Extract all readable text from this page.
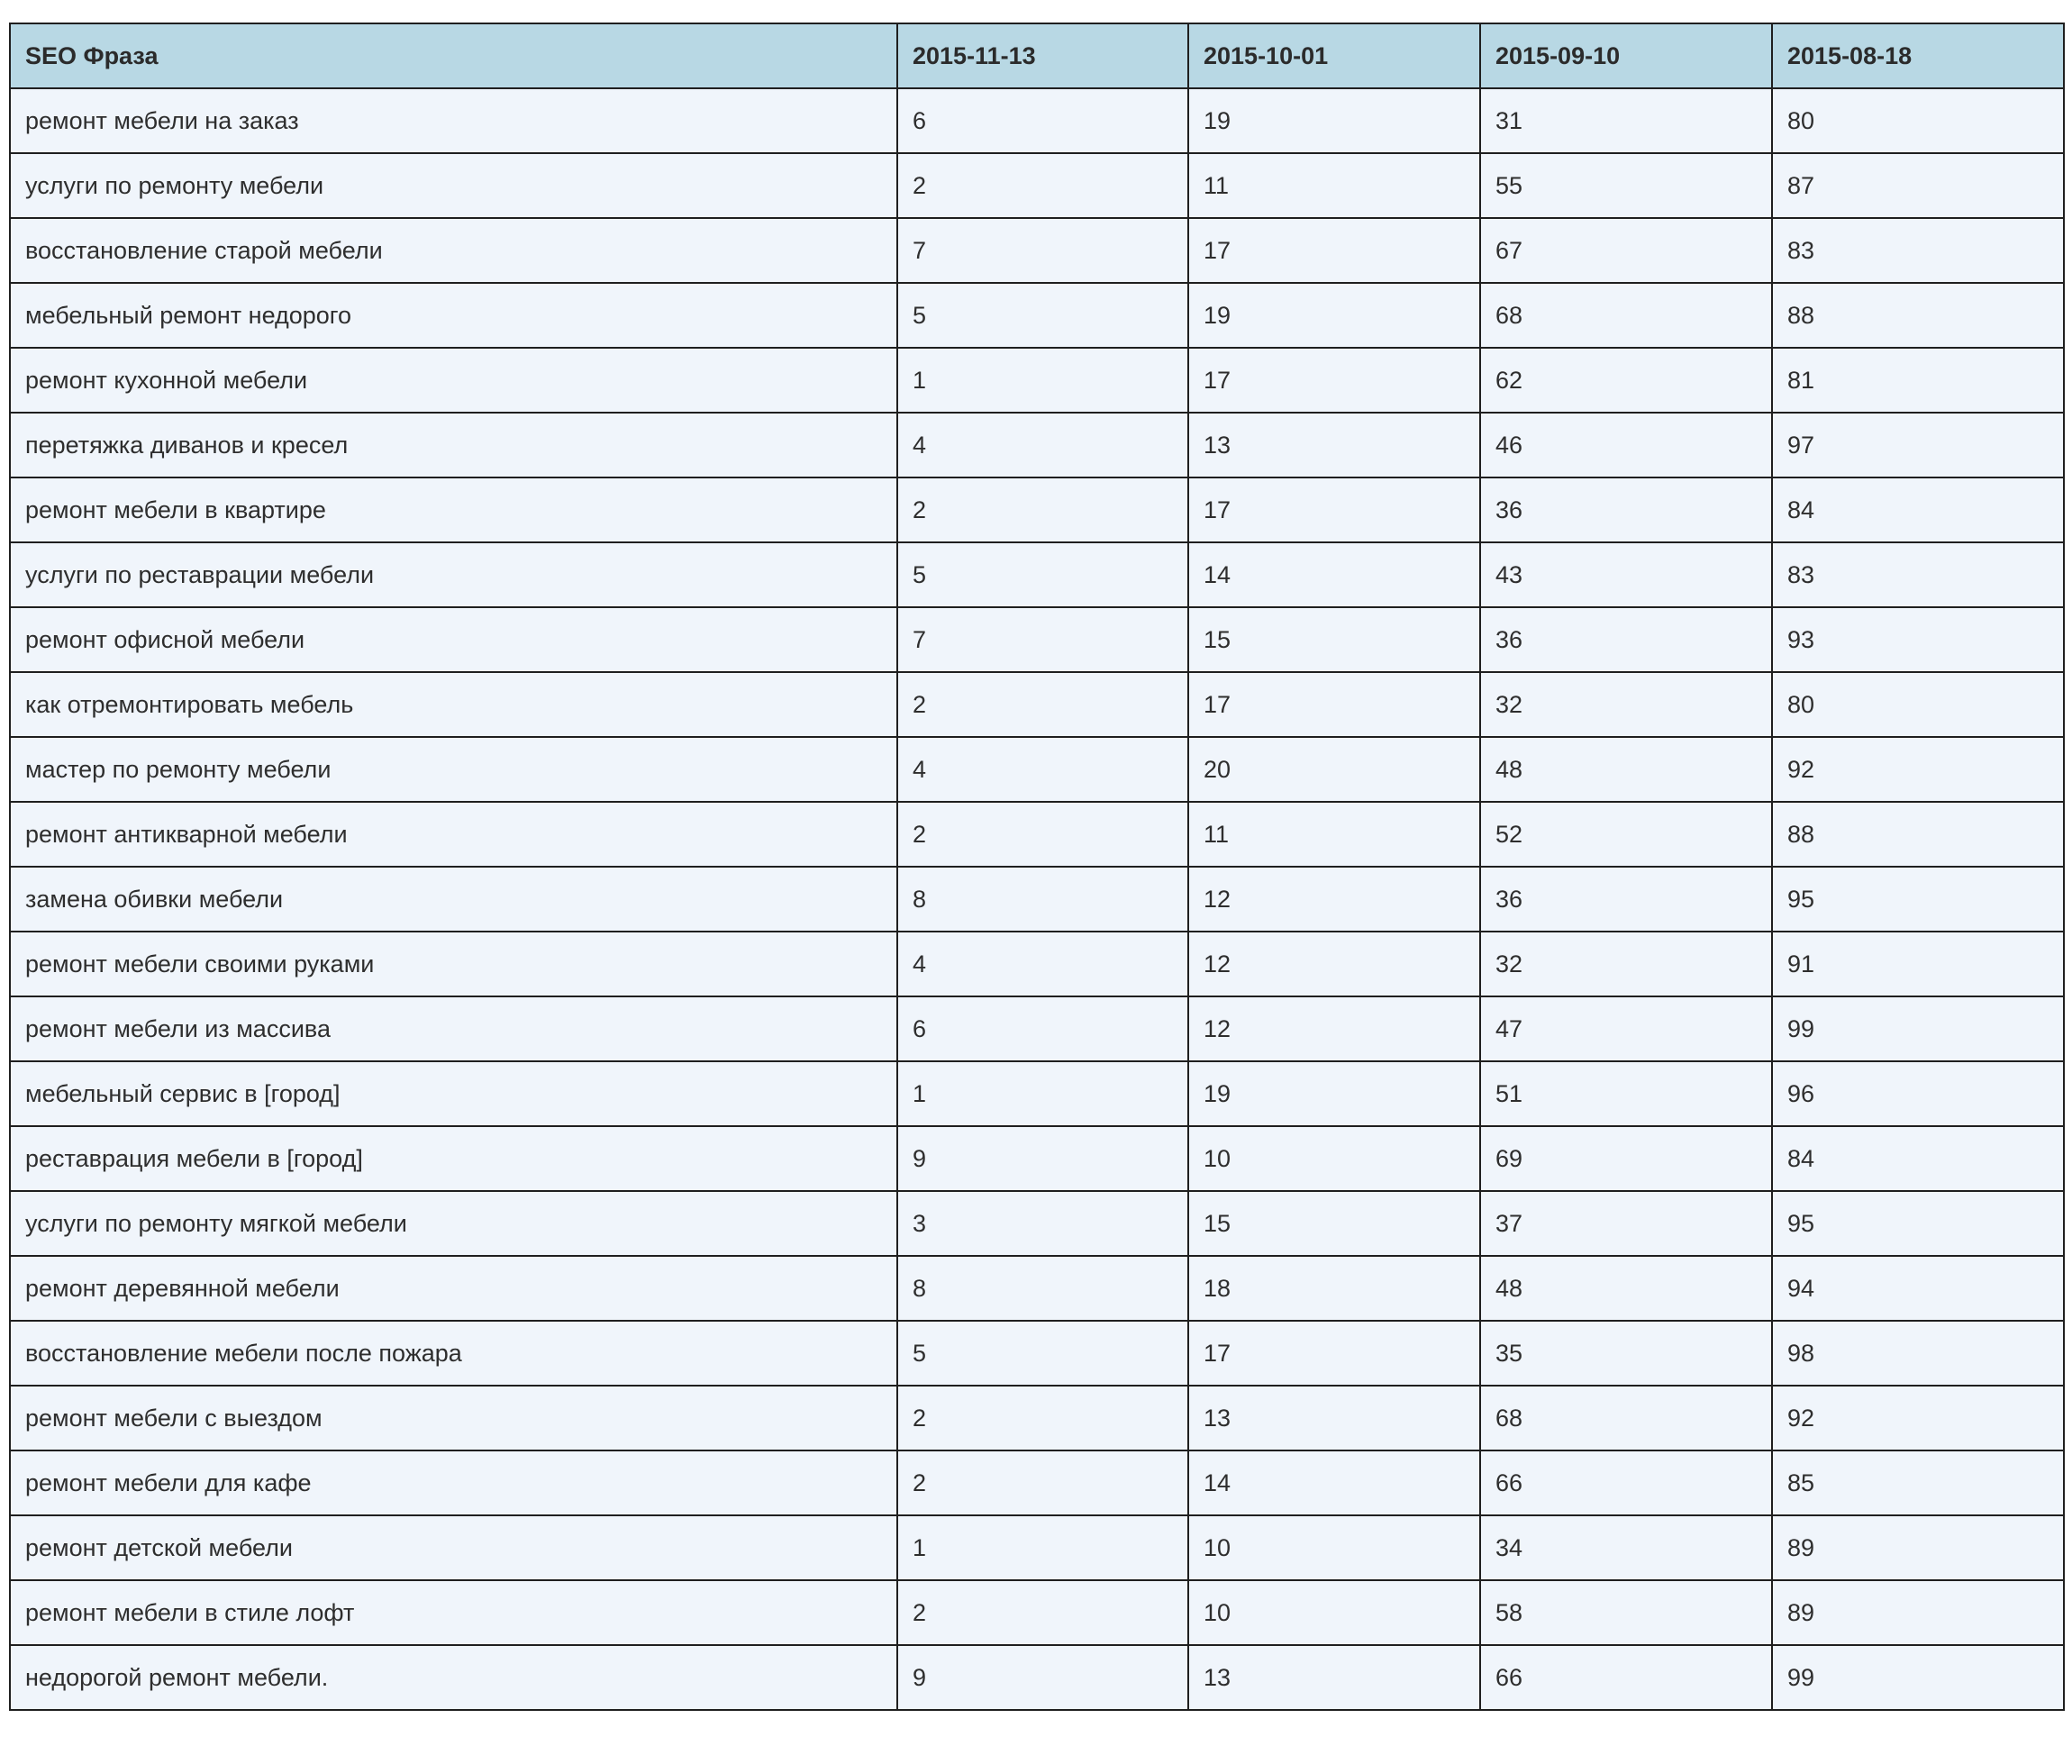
SEO Фраза	2015-11-13	2015-10-01	2015-09-10	2015-08-18
ремонт мебели на заказ	6	19	31	80
услуги по ремонту мебели	2	11	55	87
восстановление старой мебели	7	17	67	83
мебельный ремонт недорого	5	19	68	88
ремонт кухонной мебели	1	17	62	81
перетяжка диванов и кресел	4	13	46	97
ремонт мебели в квартире	2	17	36	84
услуги по реставрации мебели	5	14	43	83
ремонт офисной мебели	7	15	36	93
как отремонтировать мебель	2	17	32	80
мастер по ремонту мебели	4	20	48	92
ремонт антикварной мебели	2	11	52	88
замена обивки мебели	8	12	36	95
ремонт мебели своими руками	4	12	32	91
ремонт мебели из массива	6	12	47	99
мебельный сервис в [город]	1	19	51	96
реставрация мебели в [город]	9	10	69	84
услуги по ремонту мягкой мебели	3	15	37	95
ремонт деревянной мебели	8	18	48	94
восстановление мебели после пожара	5	17	35	98
ремонт мебели с выездом	2	13	68	92
ремонт мебели для кафе	2	14	66	85
ремонт детской мебели	1	10	34	89
ремонт мебели в стиле лофт	2	10	58	89
недорогой ремонт мебели.	9	13	66	99
